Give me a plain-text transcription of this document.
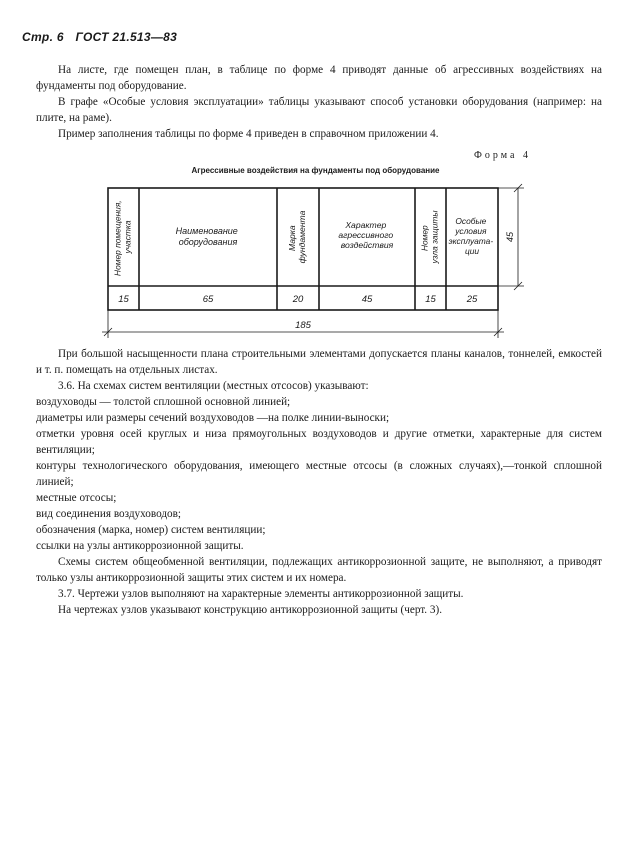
Стр. 6 ГОСТ 21.513—83

На листе, где помещен план, в таблице по форме 4 приводят данные об агрессивных воздействиях на фундаменты под оборудование.

В графе «Особые условия эксплуатации» таблицы указывают способ установки оборудования (например: на плите, на раме).

Пример заполнения таблицы по форме 4 приведен в справочном приложении 4.

Форма 4
Агрессивные воздействия на фундаменты под оборудование
Номер помещения, участка	Наименование оборудования	Марка фундамента	Характер агрессивного воздействия	Номер узла защиты	Особые условия эксплуата- ции
15	65	20	45	15	25
45
185

При большой насыщенности плана строительными элементами допускается планы каналов, тоннелей, емкостей и т. п. помещать на отдельных листах.

3.6. На схемах систем вентиляции (местных отсосов) указывают:

воздуховоды — толстой сплошной основной линией;

диаметры или размеры сечений воздуховодов —на полке линии-выноски;

отметки уровня осей круглых и низа прямоугольных воздуховодов и другие отметки, характерные для систем вентиляции;

контуры технологического оборудования, имеющего местные отсосы (в сложных случаях),—тонкой сплошной линией;

местные отсосы;

вид соединения воздуховодов;

обозначения (марка, номер) систем вентиляции;

ссылки на узлы антикоррозионной защиты.

Схемы систем общеобменной вентиляции, подлежащих антикоррозионной защите, не выполняют, а приводят только узлы антикоррозионной защиты этих систем и их номера.

3.7. Чертежи узлов выполняют на характерные элементы антикоррозионной защиты.

На чертежах узлов указывают конструкцию антикоррозионной защиты (черт. 3).
